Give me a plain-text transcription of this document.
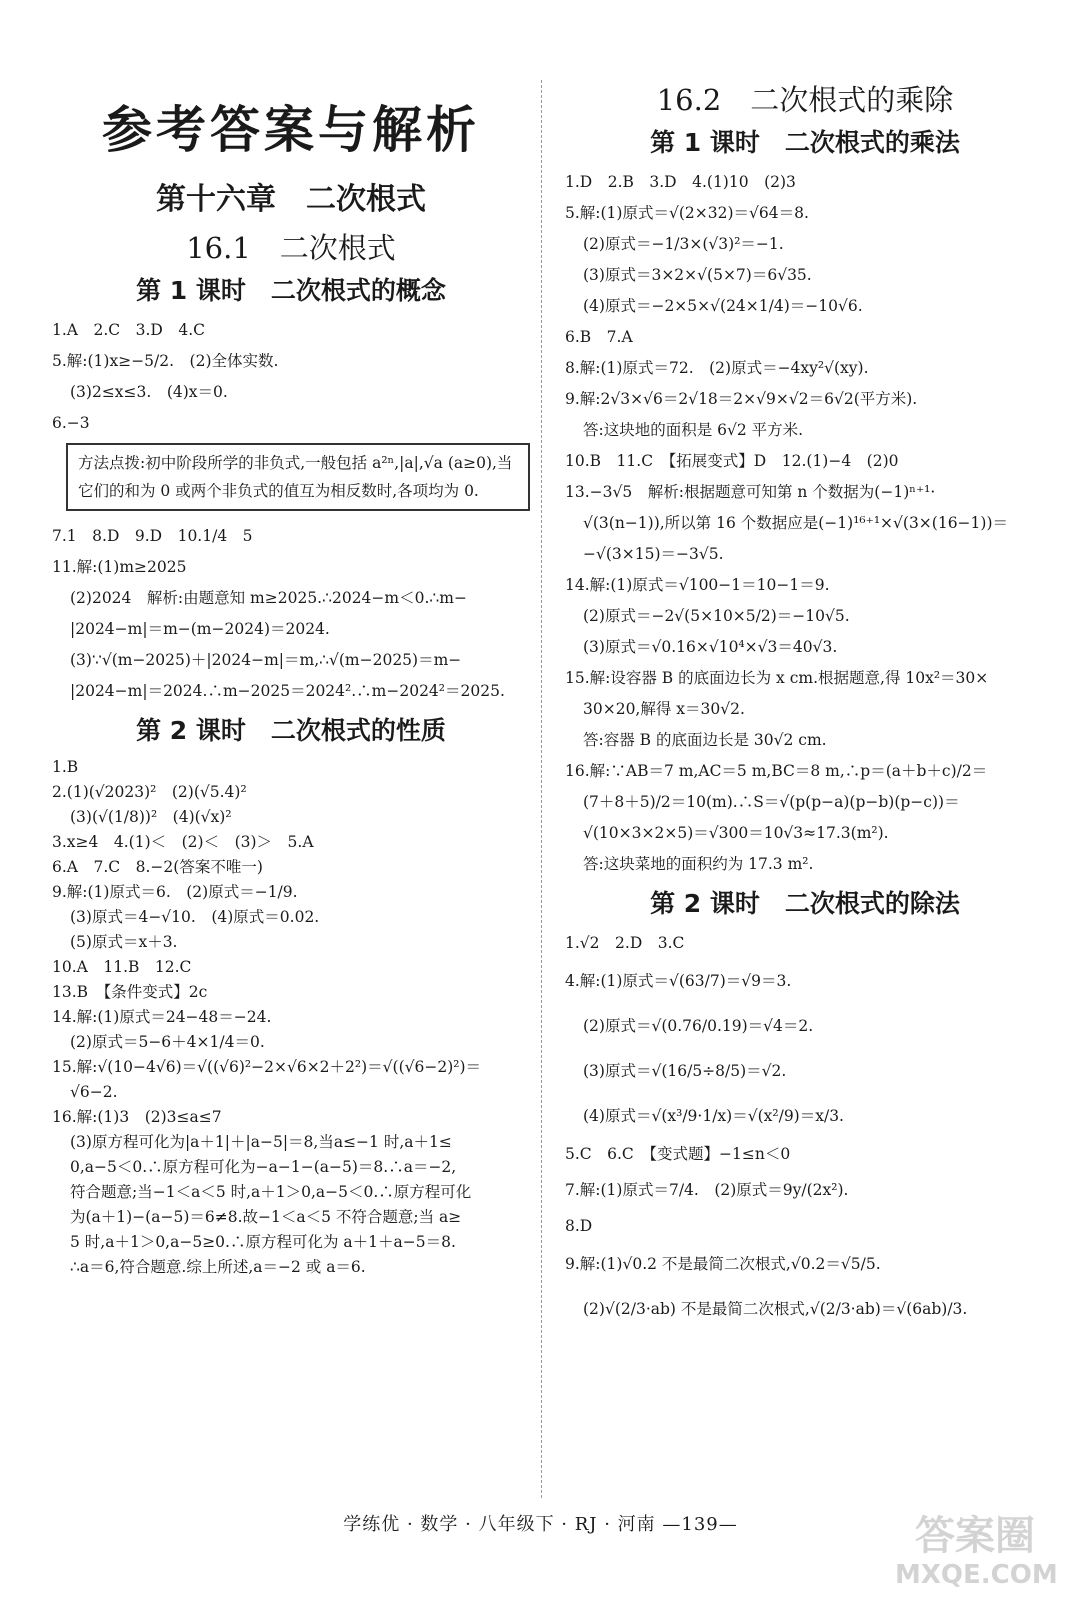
参考答案与解析
第十六章　二次根式
16.1　二次根式
第 1 课时　二次根式的概念
1.A　2.C　3.D　4.C
5.解:(1)x≥−5/2.　(2)全体实数.
(3)2≤x≤3.　(4)x＝0.
6.−3
方法点拨:初中阶段所学的非负式,一般包括 a²ⁿ,|a|,√a (a≥0),当它们的和为 0 或两个非负式的值互为相反数时,各项均为 0.
7.1　8.D　9.D　10.1/4　5
11.解:(1)m≥2025
(2)2024　解析:由题意知 m≥2025.∴2024−m＜0.∴m−
|2024−m|＝m−(m−2024)＝2024.
(3)∵√(m−2025)＋|2024−m|＝m,∴√(m−2025)＝m−
|2024−m|＝2024.∴m−2025＝2024².∴m−2024²＝2025.
第 2 课时　二次根式的性质
1.B
2.(1)(√2023)²　(2)(√5.4)²
(3)(√(1/8))²　(4)(√x)²
3.x≥4　4.(1)＜　(2)＜　(3)＞　5.A
6.A　7.C　8.−2(答案不唯一)
9.解:(1)原式＝6.　(2)原式＝−1/9.
(3)原式＝4−√10.　(4)原式＝0.02.
(5)原式＝x＋3.
10.A　11.B　12.C
13.B　【条件变式】2c
14.解:(1)原式＝24−48＝−24.
(2)原式＝5−6＋4×1/4＝0.
15.解:√(10−4√6)＝√((√6)²−2×√6×2＋2²)＝√((√6−2)²)＝
√6−2.
16.解:(1)3　(2)3≤a≤7
(3)原方程可化为|a＋1|＋|a−5|＝8,当a≤−1 时,a＋1≤
0,a−5＜0.∴原方程可化为−a−1−(a−5)＝8.∴a＝−2,
符合题意;当−1＜a＜5 时,a＋1＞0,a−5＜0.∴原方程可化
为(a＋1)−(a−5)＝6≠8.故−1＜a＜5 不符合题意;当 a≥
5 时,a＋1＞0,a−5≥0.∴原方程可化为 a＋1＋a−5＝8.
∴a＝6,符合题意.综上所述,a＝−2 或 a＝6.
16.2　二次根式的乘除
第 1 课时　二次根式的乘法
1.D　2.B　3.D　4.(1)10　(2)3
5.解:(1)原式＝√(2×32)＝√64＝8.
(2)原式＝−1/3×(√3)²＝−1.
(3)原式＝3×2×√(5×7)＝6√35.
(4)原式＝−2×5×√(24×1/4)＝−10√6.
6.B　7.A
8.解:(1)原式＝72.　(2)原式＝−4xy²√(xy).
9.解:2√3×√6＝2√18＝2×√9×√2＝6√2(平方米).
答:这块地的面积是 6√2 平方米.
10.B　11.C　【拓展变式】D　12.(1)−4　(2)0
13.−3√5　解析:根据题意可知第 n 个数据为(−1)ⁿ⁺¹·
√(3(n−1)),所以第 16 个数据应是(−1)¹⁶⁺¹×√(3×(16−1))＝
−√(3×15)＝−3√5.
14.解:(1)原式＝√100−1＝10−1＝9.
(2)原式＝−2√(5×10×5/2)＝−10√5.
(3)原式＝√0.16×√10⁴×√3＝40√3.
15.解:设容器 B 的底面边长为 x cm.根据题意,得 10x²＝30×
30×20,解得 x＝30√2.
答:容器 B 的底面边长是 30√2 cm.
16.解:∵AB＝7 m,AC＝5 m,BC＝8 m,∴p＝(a＋b＋c)/2＝
(7＋8＋5)/2＝10(m).∴S＝√(p(p−a)(p−b)(p−c))＝
√(10×3×2×5)＝√300＝10√3≈17.3(m²).
答:这块菜地的面积约为 17.3 m².
第 2 课时　二次根式的除法
1.√2　2.D　3.C
4.解:(1)原式＝√(63/7)＝√9＝3.
(2)原式＝√(0.76/0.19)＝√4＝2.
(3)原式＝√(16/5÷8/5)＝√2.
(4)原式＝√(x³/9·1/x)＝√(x²/9)＝x/3.
5.C　6.C　【变式题】−1≤n＜0
7.解:(1)原式＝7/4.　(2)原式＝9y/(2x²).
8.D
9.解:(1)√0.2 不是最简二次根式,√0.2＝√5/5.
(2)√(2/3·ab) 不是最简二次根式,√(2/3·ab)＝√(6ab)/3.
学练优 · 数学 · 八年级下 · RJ · 河南 —139—	答案圈
MXQE.COM
